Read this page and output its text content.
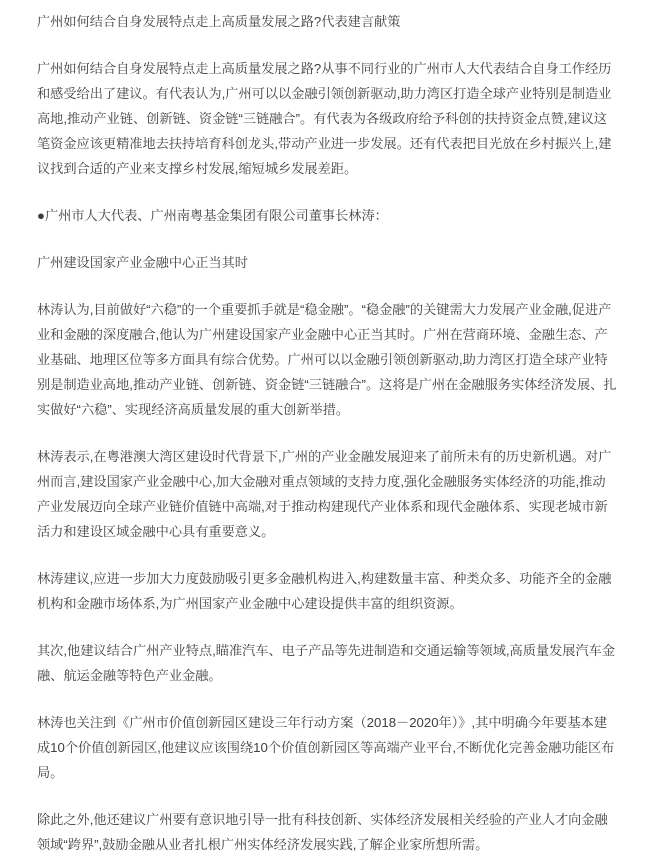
广州如何结合自身发展特点走上高质量发展之路?代表建言献策

广州如何结合自身发展特点走上高质量发展之路?从事不同行业的广州市人大代表结合自身工作经历和感受给出了建议。有代表认为,广州可以以金融引领创新驱动,助力湾区打造全球产业特别是制造业高地,推动产业链、创新链、资金链“三链融合”。有代表为各级政府给予科创的扶持资金点赞,建议这笔资金应该更精准地去扶持培育科创龙头,带动产业进一步发展。还有代表把目光放在乡村振兴上,建议找到合适的产业来支撑乡村发展,缩短城乡发展差距。

●广州市人大代表、广州南粤基金集团有限公司董事长林涛：

广州建设国家产业金融中心正当其时

林涛认为,目前做好“六稳”的一个重要抓手就是“稳金融”。“稳金融”的关键需大力发展产业金融,促进产业和金融的深度融合,他认为广州建设国家产业金融中心正当其时。广州在营商环境、金融生态、产业基础、地理区位等多方面具有综合优势。广州可以以金融引领创新驱动,助力湾区打造全球产业特别是制造业高地,推动产业链、创新链、资金链“三链融合”。这将是广州在金融服务实体经济发展、扎实做好“六稳”、实现经济高质量发展的重大创新举措。

林涛表示,在粤港澳大湾区建设时代背景下,广州的产业金融发展迎来了前所未有的历史新机遇。对广州而言,建设国家产业金融中心,加大金融对重点领域的支持力度,强化金融服务实体经济的功能,推动产业发展迈向全球产业链价值链中高端,对于推动构建现代产业体系和现代金融体系、实现老城市新活力和建设区域金融中心具有重要意义。

林涛建议,应进一步加大力度鼓励吸引更多金融机构进入,构建数量丰富、种类众多、功能齐全的金融机构和金融市场体系,为广州国家产业金融中心建设提供丰富的组织资源。

其次,他建议结合广州产业特点,瞄准汽车、电子产品等先进制造和交通运输等领域,高质量发展汽车金融、航运金融等特色产业金融。

林涛也关注到《广州市价值创新园区建设三年行动方案（2018－2020年）》,其中明确今年要基本建成10个价值创新园区,他建议应该围绕10个价值创新园区等高端产业平台,不断优化完善金融功能区布局。

除此之外,他还建议广州要有意识地引导一批有科技创新、实体经济发展相关经验的产业人才向金融领域“跨界”,鼓励金融从业者扎根广州实体经济发展实践,了解企业家所想所需。
